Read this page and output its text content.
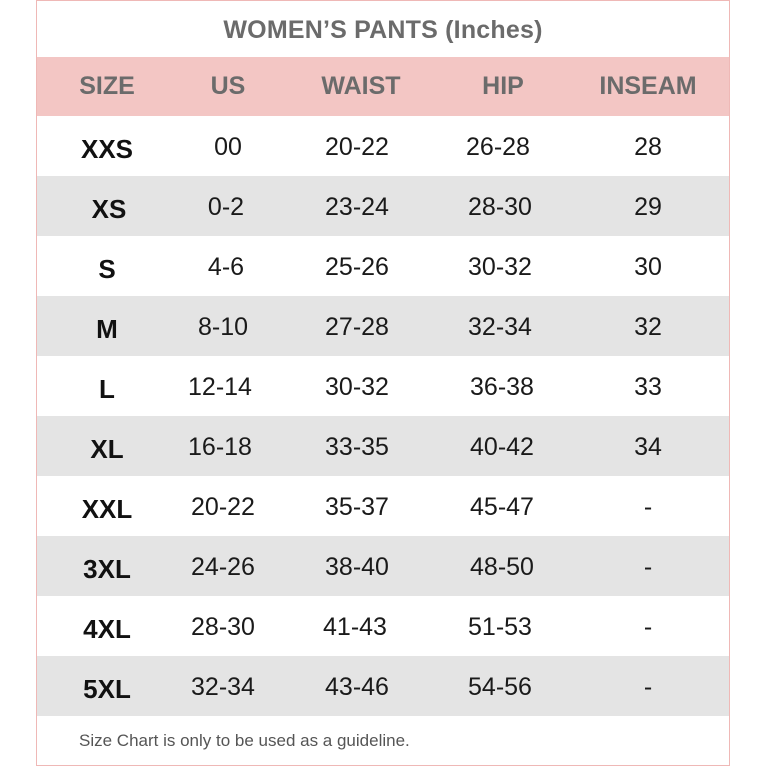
WOMEN’S PANTS (Inches)
SIZE	US	WAIST	HIP	INSEAM
XXS	00	20-22	26-28	28
XS	0-2	23-24	28-30	29
S	4-6	25-26	30-32	30
M	8-10	27-28	32-34	32
L	12-14	30-32	36-38	33
XL	16-18	33-35	40-42	34
XXL 20-22	35-37	45-47	-
3XL 24-26	38-40	48-50	-
4XL 28-30	41-43	51-53	-
5XL 32-34	43-46	54-56	-
Size Chart is only to be used as a guideline.
